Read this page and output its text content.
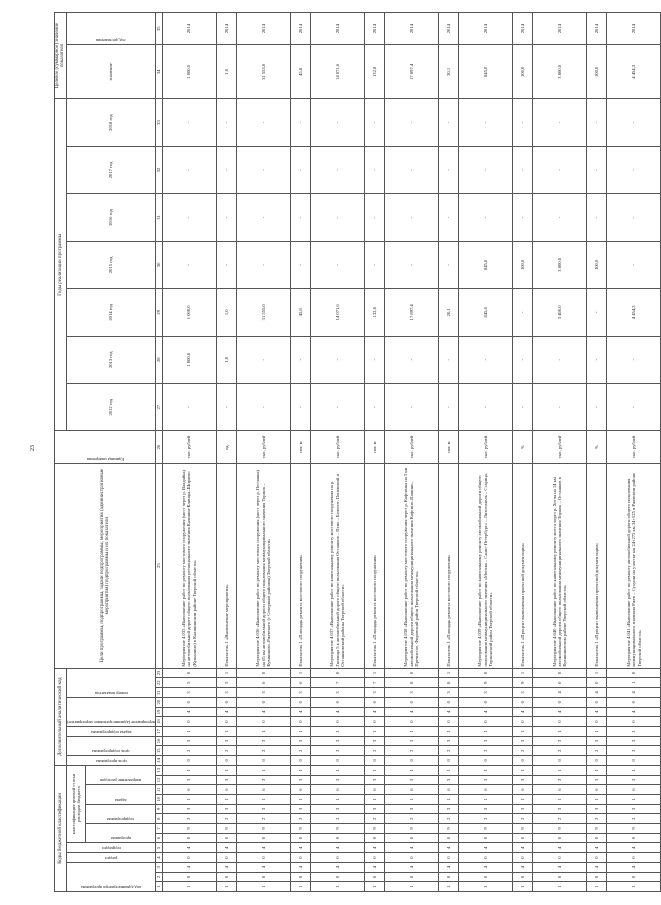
23
Коды бюджетной классификации													Дополнительный аналитический код										Цели программы, подпрограммы, задачи подпрограммы, мероприятия (административные мероприятия) подпрограммы и их показатели	Единица измерения	Годы реализации программы							Целевое (суммарное) значение показателя	

код администратора программы			раздел	подраздел	классификация целевой статьи расходов бюджета								цель программы	цель подпрограммы		задача подпрограммы	мероприятие (административное мероприятие)			номер показателя					2012 год	2013 год	2014 год	2015 год	2016 год	2017 год	2018 год	значение	год достижения

					программа		подпрограмма		задача		направление расходов																						

1	2	3	4	5	6	7	8	9	10	11	12	13	14	15	16	17	18	19	20	21	22	23	25	26	27	28	29	30	31	32	33	34	35
1	0	4	0	4	0	9	2	3	1	6	3	1	0	2	3	1	0	4	0	3	5	0	Мероприятие 4.035 «Выполнение работ по ремонту мостового сооружения (мост через р. Валдайка) на автомобильной дороге общего пользования регионального значения Калинин-Клинцы–Ширяево (Кушалино) в Калининском районе Тверской области»	тыс. рублей	-	1 000,0	1 000,0	-	-	-	-	1 000,0	2014
1	0	4	0	4	0	9	2	3	1	6	3	1	0	2	3	1	0	4	0	3	5	1	Показатель 1 «Выполнение мероприятия»	ед.	-	1,0	1,0	-	-	-	-	1,0	2014
1	0	4	0	4	0	9	2	3	1	6	3	1	0	2	3	1	0	4	0	3	6	0	Мероприятие 4.036 «Выполнение работ по ремонту мостового сооружения (мост через р. Песчанка) на 65 км автомобильной дороги общего пользования межмуниципального значения Торжок – Кувшиново–Ржевского (с Северным районом) Тверской области»	тыс. рублей	-	-	31 555,0	-	-	-	-	31 555,0	2014
1	0	4	0	4	0	9	2	3	1	6	3	1	0	2	3	1	0	4	0	3	6	1	Показатель 1 «Площадь ремонта мостового сооружения»	пог. м	-	-	45,8	-	-	-	-	45,8	2014
1	0	4	0	4	0	9	2	3	1	6	3	1	0	2	3	1	0	4	0	3	7	0	Мероприятие 4.037 «Выполнение работ по капитальному ремонту мостового сооружения на р. Гнилица 5 к автомобильной дороге общего пользования Осташков – Пено – Бологое, Пеновский и Осташковский районы Тверской области»	тыс. рублей	-	-	14 071,6	-	-	-	-	14 071,6	2014
1	0	4	0	4	0	9	2	3	1	6	3	1	0	2	3	1	0	4	0	3	7	1	Показатель 1 «Площадь ремонта мостового сооружения»	пог. м	-	-	132,8	-	-	-	-	132,8	2014
1	0	4	0	4	0	9	2	3	1	6	3	1	0	2	3	1	0	4	0	3	8	0	Мероприятие 4.038 «Выполнение работ по ремонту мостового сооружения через р. Кафтинка на 3 км автомобильной дороги общего пользования межмуниципального значения Кафтино–Пашино–Пречистое, Фировский район Тверской области»	тыс. рублей	-	-	17 897,4	-	-	-	-	17 897,4	2014
1	0	4	0	4	0	9	2	3	1	6	3	1	0	2	3	1	0	4	0	3	8	1	Показатель 1 «Площадь ремонта мостового сооружения»	пог. м	-	-	20,1	-	-	-	-	20,1	2014
1	0	4	0	4	0	9	2	3	1	6	3	1	0	2	3	1	0	4	0	3	9	0	Мероприятие 4.039 «Выполнение работ по капитальному ремонту автомобильной дороги общего пользования межмуниципального значения «Москва – Санкт-Петербург» – Лихославль – Старица, Торжокский район Тверской области»	тыс. рублей	-	-	845,0	845,0	-	-	-	845,0	2014
1	0	4	0	4	0	9	2	3	1	6	3	1	0	2	3	1	0	4	0	3	9	1	Показатель 1 «Процент выполнения проектной документации»	%	-	-	-	100,0	-	-	-	100,0	2014
1	0	4	0	4	0	9	2	3	1	6	3	1	0	2	3	1	0	4	0	4	0	0	Мероприятие 4.040 «Выполнение работ по капитальному ремонту моста через р. Хотча на 14 км автомобильной дороги общего пользования межмуниципального значения Торжок – Осташков в Кувшиновском районе Тверской области»	тыс. рублей	-	-	3 400,0	3 800,0	-	-	-	3 800,0	2014
1	0	4	0	4	0	9	2	3	1	6	3	1	0	2	3	1	0	4	0	4	0	1	Показатель 1 «Процент выполнения проектной документации»	%	-	-	-	100,0	-	-	-	100,0	2014
1	0	4	0	4	0	9	2	3	1	6	3	1	0	2	3	1	0	4	0	4	1	0	Мероприятие 4.041 «Выполнение работ по ремонту автомобильной дороги общего пользования межмуниципального значения Ржев – Сухуши на участке км 24+275 км 34+525 в Ржевском районе Тверской области»	тыс. рублей	-	-	4 454,3	-	-	-	-	4 454,3	2014
